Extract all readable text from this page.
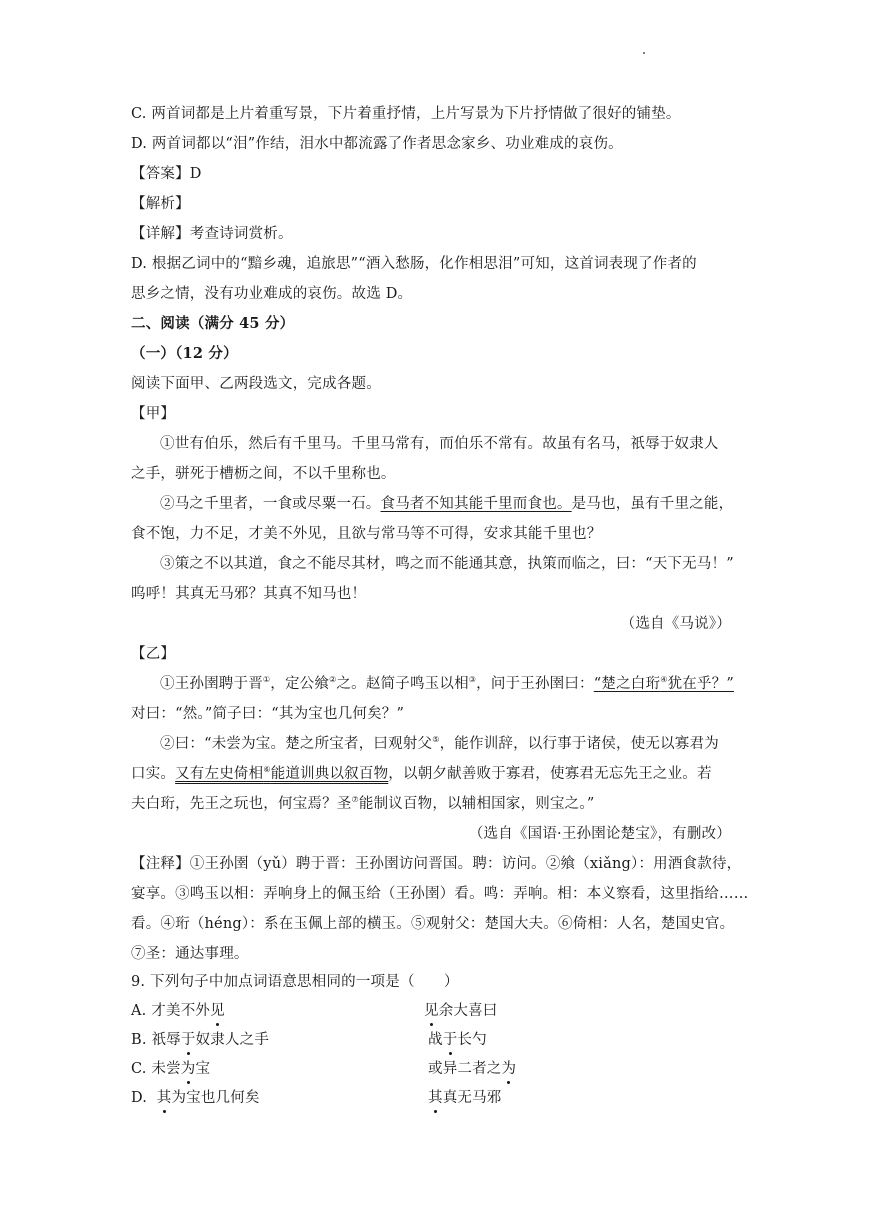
C. 两首词都是上片着重写景，下片着重抒情，上片写景为下片抒情做了很好的铺垫。
D. 两首词都以“泪”作结，泪水中都流露了作者思念家乡、功业难成的哀伤。
【答案】D
【解析】
【详解】考查诗词赏析。
D. 根据乙词中的“黯乡魂，追旅思”“酒入愁肠，化作相思泪”可知，这首词表现了作者的
思乡之情，没有功业难成的哀伤。故选 D。
二、阅读（满分 45 分）
（一）（12 分）
阅读下面甲、乙两段选文，完成各题。
【甲】
①世有伯乐，然后有千里马。千里马常有，而伯乐不常有。故虽有名马，祇辱于奴隶人
之手，骈死于槽枥之间，不以千里称也。
②马之千里者，一食或尽粟一石。食马者不知其能千里而食也。是马也，虽有千里之能，
食不饱，力不足，才美不外见，且欲与常马等不可得，安求其能千里也？
③策之不以其道，食之不能尽其材，鸣之而不能通其意，执策而临之，曰：“天下无马！”
呜呼！其真无马邪？其真不知马也！
（选自《马说》）
【乙】
①王孙圉聘于晋①，定公飨②之。赵简子鸣玉以相③，问于王孙圉曰：“楚之白珩④犹在乎？”
对曰：“然。”简子曰：“其为宝也几何矣？”
②曰：“未尝为宝。楚之所宝者，曰观射父⑤，能作训辞，以行事于诸侯，使无以寡君为
口实。又有左史倚相⑥能道训典以叙百物，以朝夕献善败于寡君，使寡君无忘先王之业。若
夫白珩，先王之玩也，何宝焉？圣⑦能制议百物，以辅相国家，则宝之。”
（选自《国语·王孙圉论楚宝》，有删改）
【注释】①王孙圉（yǔ）聘于晋：王孙圉访问晋国。聘：访问。②飨（xiǎng）：用酒食款待，
宴享。③鸣玉以相：弄响身上的佩玉给（王孙圉）看。鸣：弄响。相：本义察看，这里指给……
看。④珩（héng）：系在玉佩上部的横玉。⑤观射父：楚国大夫。⑥倚相：人名，楚国史官。
⑦圣：通达事理。
9. 下列句子中加点词语意思相同的一项是（　　）
A. 才美不外见	见余大喜曰
B. 祇辱于奴隶人之手	战于长勺
C. 未尝为宝	或异二者之为
D.  其为宝也几何矣	其真无马邪
